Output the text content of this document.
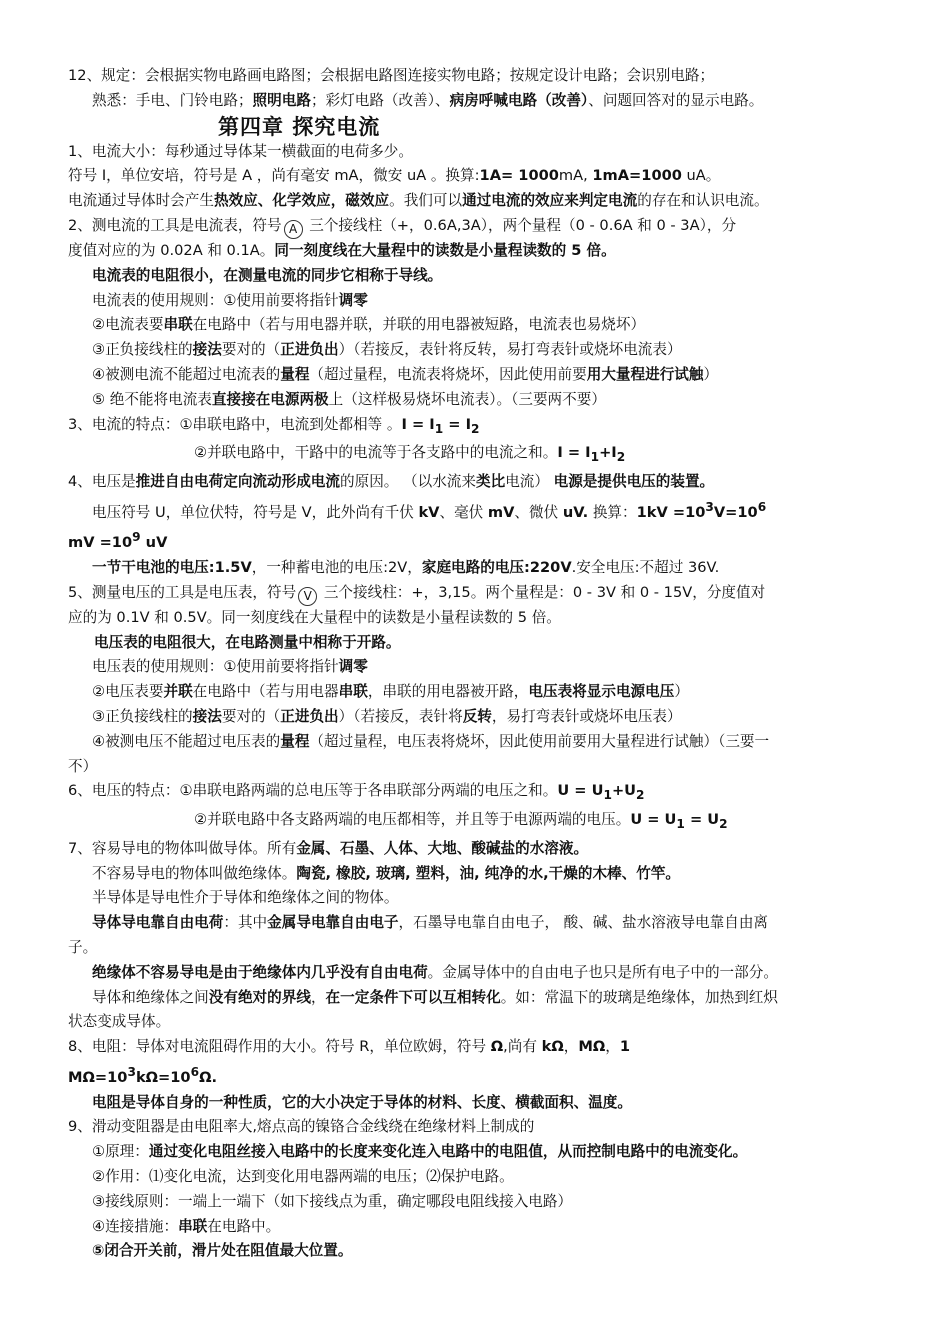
12、规定：会根据实物电路画电路图；会根据电路图连接实物电路；按规定设计电路；会识别电路；
熟悉：手电、门铃电路；照明电路；彩灯电路（改善）、病房呼喊电路（改善）、问题回答对的显示电路。
第四章 探究电流
1、电流大小：每秒通过导体某一横截面的电荷多少。
符号 I，单位安培，符号是 A ，尚有毫安 mA，微安 uA 。换算:1A= 1000mA, 1mA=1000 uA。
电流通过导体时会产生热效应、化学效应，磁效应。我们可以通过电流的效应来判定电流的存在和认识电流。
2、测电流的工具是电流表，符号 A 三个接线柱（+，0.6A,3A），两个量程（0 - 0.6A 和 0 - 3A），分
度值对应的为 0.02A 和 0.1A。同一刻度线在大量程中的读数是小量程读数的 5 倍。
电流表的电阻很小，在测量电流的同步它相称于导线。
电流表的使用规则：①使用前要将指针调零
②电流表要串联在电路中（若与用电器并联，并联的用电器被短路，电流表也易烧坏）
③正负接线柱的接法要对的（正进负出）（若接反，表针将反转，易打弯表针或烧坏电流表）
④被测电流不能超过电流表的量程（超过量程，电流表将烧坏，因此使用前要用大量程进行试触）
⑤ 绝不能将电流表直接接在电源两极上（这样极易烧坏电流表）。（三要两不要）
3、电流的特点：①串联电路中，电流到处都相等 。$I = I_1 = I_2$
②并联电路中，干路中的电流等于各支路中的电流之和。$I = I_1+I_2$
4、电压是推进自由电荷定向流动形成电流的原因。 （以水流来类比电流） 电源是提供电压的装置。
电压符号 U，单位伏特，符号是 V，此外尚有千伏 kV、毫伏 mV、微伏 uV. 换算：$1kV =10^3V=10^6$
mV $=10^9$ uV
一节干电池的电压:1.5V，一种蓄电池的电压:2V，家庭电路的电压:220V.安全电压:不超过 36V.
5、测量电压的工具是电压表，符号 V 三个接线柱：+，3,15。两个量程是：0 - 3V 和 0 - 15V，分度值对
应的为 0.1V 和 0.5V。同一刻度线在大量程中的读数是小量程读数的 5 倍。
电压表的电阻很大，在电路测量中相称于开路。
电压表的使用规则：①使用前要将指针调零
②电压表要并联在电路中（若与用电器串联，串联的用电器被开路，电压表将显示电源电压）
③正负接线柱的接法要对的（正进负出）（若接反，表针将反转，易打弯表针或烧坏电压表）
④被测电压不能超过电压表的量程（超过量程，电压表将烧坏，因此使用前要用大量程进行试触）（三要一
不）
6、电压的特点：①串联电路两端的总电压等于各串联部分两端的电压之和。$U = U_1+U_2$
②并联电路中各支路两端的电压都相等，并且等于电源两端的电压。$U = U_1 = U_2$
7、容易导电的物体叫做导体。所有金属、石墨、人体、大地、酸碱盐的水溶液。
不容易导电的物体叫做绝缘体。陶瓷, 橡胶, 玻璃, 塑料，油, 纯净的水,干燥的木棒、竹竿。
半导体是导电性介于导体和绝缘体之间的物体。
导体导电靠自由电荷：其中金属导电靠自由电子，石墨导电靠自由电子， 酸、碱、盐水溶液导电靠自由离
子。
绝缘体不容易导电是由于绝缘体内几乎没有自由电荷。金属导体中的自由电子也只是所有电子中的一部分。
导体和绝缘体之间没有绝对的界线，在一定条件下可以互相转化。如：常温下的玻璃是绝缘体，加热到红炽
状态变成导体。
8、电阻：导体对电流阻碍作用的大小。符号 R，单位欧姆，符号 Ω,尚有 kΩ，MΩ，1
$M\Omega=10^3k\Omega=10^6\Omega$.
电阻是导体自身的一种性质，它的大小决定于导体的材料、长度、横截面积、温度。
9、滑动变阻器是由电阻率大,熔点高的镍铬合金线绕在绝缘材料上制成的
①原理：通过变化电阻丝接入电路中的长度来变化连入电路中的电阻值，从而控制电路中的电流变化。
②作用：⑴变化电流，达到变化用电器两端的电压；⑵保护电路。
③接线原则：一端上一端下（如下接线点为重，确定哪段电阻线接入电路）
④连接措施：串联在电路中。
⑤闭合开关前，滑片处在阻值最大位置。
